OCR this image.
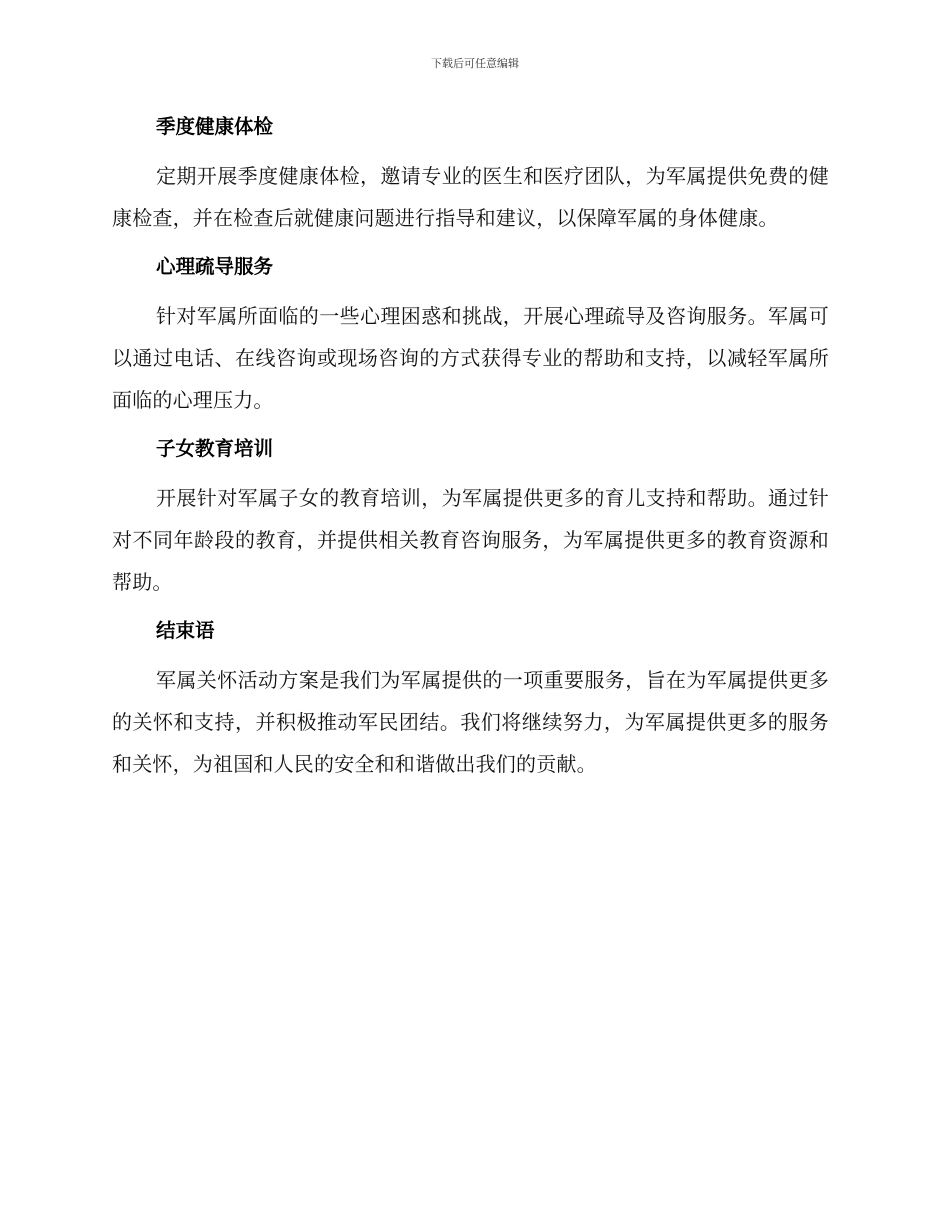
下载后可任意编辑
季度健康体检

定期开展季度健康体检，邀请专业的医生和医疗团队，为军属提供免费的健康检查，并在检查后就健康问题进行指导和建议，以保障军属的身体健康。

心理疏导服务

针对军属所面临的一些心理困惑和挑战，开展心理疏导及咨询服务。军属可以通过电话、在线咨询或现场咨询的方式获得专业的帮助和支持，以减轻军属所面临的心理压力。

子女教育培训

开展针对军属子女的教育培训，为军属提供更多的育儿支持和帮助。通过针对不同年龄段的教育，并提供相关教育咨询服务，为军属提供更多的教育资源和帮助。

结束语

军属关怀活动方案是我们为军属提供的一项重要服务，旨在为军属提供更多的关怀和支持，并积极推动军民团结。我们将继续努力，为军属提供更多的服务和关怀，为祖国和人民的安全和和谐做出我们的贡献。
